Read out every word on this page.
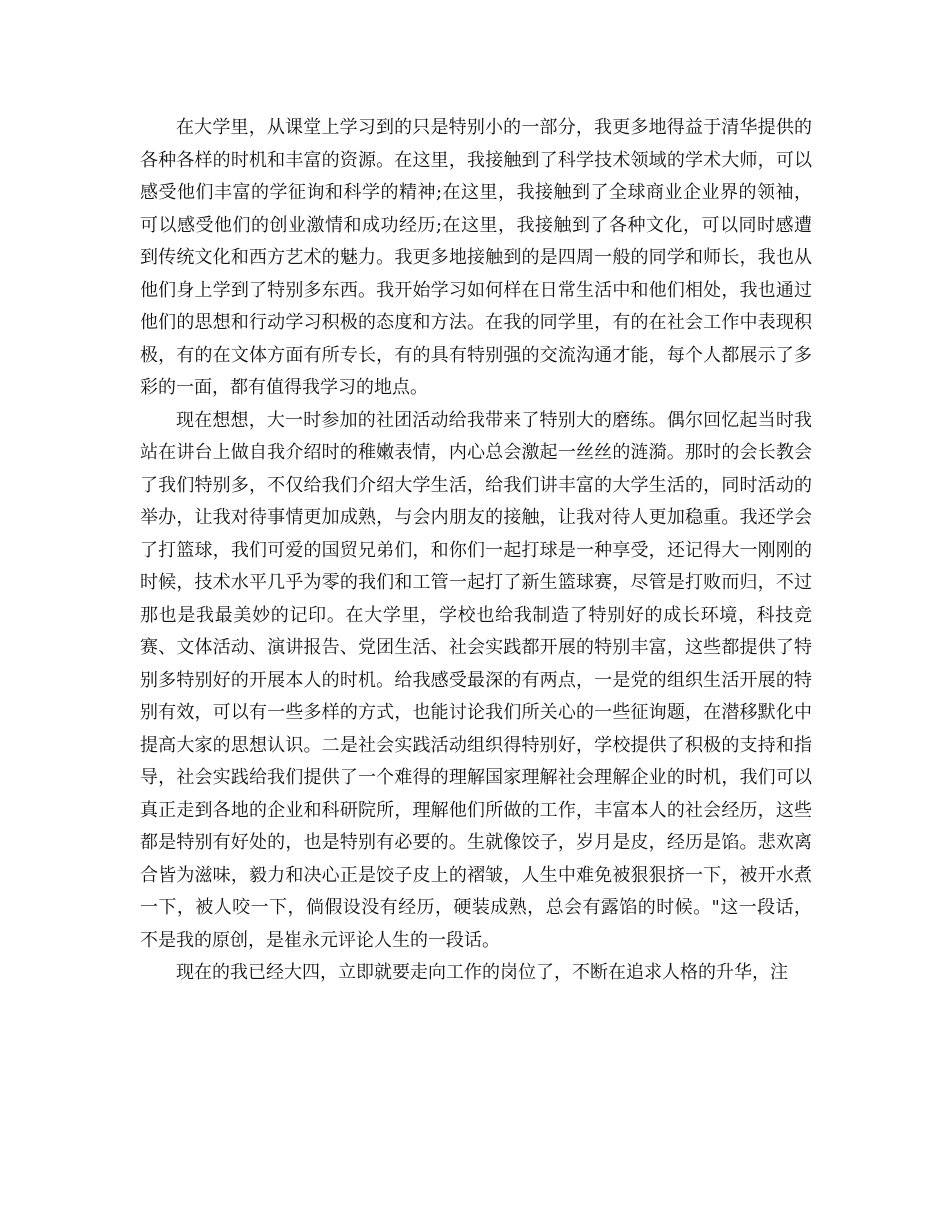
在大学里，从课堂上学习到的只是特别小的一部分，我更多地得益于清华提供的各种各样的时机和丰富的资源。在这里，我接触到了科学技术领域的学术大师，可以感受他们丰富的学征询和科学的精神;在这里，我接触到了全球商业企业界的领袖，可以感受他们的创业激情和成功经历;在这里，我接触到了各种文化，可以同时感遭到传统文化和西方艺术的魅力。我更多地接触到的是四周一般的同学和师长，我也从他们身上学到了特别多东西。我开始学习如何样在日常生活中和他们相处，我也通过他们的思想和行动学习积极的态度和方法。在我的同学里，有的在社会工作中表现积极，有的在文体方面有所专长，有的具有特别强的交流沟通才能，每个人都展示了多彩的一面，都有值得我学习的地点。

现在想想，大一时参加的社团活动给我带来了特别大的磨练。偶尔回忆起当时我站在讲台上做自我介绍时的稚嫩表情，内心总会激起一丝丝的涟漪。那时的会长教会了我们特别多，不仅给我们介绍大学生活，给我们讲丰富的大学生活的，同时活动的举办，让我对待事情更加成熟，与会内朋友的接触，让我对待人更加稳重。我还学会了打篮球，我们可爱的国贸兄弟们，和你们一起打球是一种享受，还记得大一刚刚的时候，技术水平几乎为零的我们和工管一起打了新生篮球赛，尽管是打败而归，不过那也是我最美妙的记印。在大学里，学校也给我制造了特别好的成长环境，科技竞赛、文体活动、演讲报告、党团生活、社会实践都开展的特别丰富，这些都提供了特别多特别好的开展本人的时机。给我感受最深的有两点，一是党的组织生活开展的特别有效，可以有一些多样的方式，也能讨论我们所关心的一些征询题，在潜移默化中提高大家的思想认识。二是社会实践活动组织得特别好，学校提供了积极的支持和指导，社会实践给我们提供了一个难得的理解国家理解社会理解企业的时机，我们可以真正走到各地的企业和科研院所，理解他们所做的工作，丰富本人的社会经历，这些都是特别有好处的，也是特别有必要的。生就像饺子，岁月是皮，经历是馅。悲欢离合皆为滋味，毅力和决心正是饺子皮上的褶皱，人生中难免被狠狠挤一下，被开水煮一下，被人咬一下，倘假设没有经历，硬装成熟，总会有露馅的时候。"这一段话，不是我的原创，是崔永元评论人生的一段话。

现在的我已经大四，立即就要走向工作的岗位了，不断在追求人格的升华，注
